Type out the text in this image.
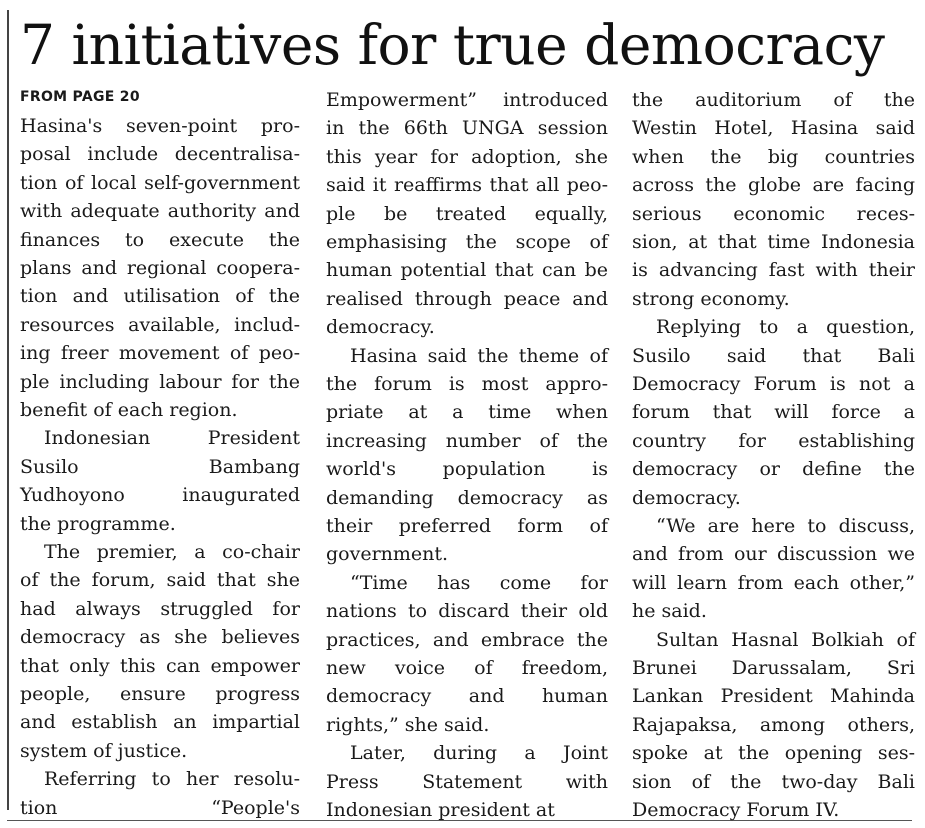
7 initiatives for true democracy
FROM PAGE 20
Hasina's seven-point pro-
posal include decentralisa-
tion of local self-government
with adequate authority and
finances to execute the
plans and regional coopera-
tion and utilisation of the
resources available, includ-
ing freer movement of peo-
ple including labour for the
benefit of each region.
Indonesian President
Susilo Bambang
Yudhoyono inaugurated
the programme.
The premier, a co-chair
of the forum, said that she
had always struggled for
democracy as she believes
that only this can empower
people, ensure progress
and establish an impartial
system of justice.
Referring to her resolu-
tion “People's
Empowerment” introduced
in the 66th UNGA session
this year for adoption, she
said it reaffirms that all peo-
ple be treated equally,
emphasising the scope of
human potential that can be
realised through peace and
democracy.
Hasina said the theme of
the forum is most appro-
priate at a time when
increasing number of the
world's population is
demanding democracy as
their preferred form of
government.
“Time has come for
nations to discard their old
practices, and embrace the
new voice of freedom,
democracy and human
rights,” she said.
Later, during a Joint
Press Statement with
Indonesian president at
the auditorium of the
Westin Hotel, Hasina said
when the big countries
across the globe are facing
serious economic reces-
sion, at that time Indonesia
is advancing fast with their
strong economy.
Replying to a question,
Susilo said that Bali
Democracy Forum is not a
forum that will force a
country for establishing
democracy or define the
democracy.
“We are here to discuss,
and from our discussion we
will learn from each other,”
he said.
Sultan Hasnal Bolkiah of
Brunei Darussalam, Sri
Lankan President Mahinda
Rajapaksa, among others,
spoke at the opening ses-
sion of the two-day Bali
Democracy Forum IV.
